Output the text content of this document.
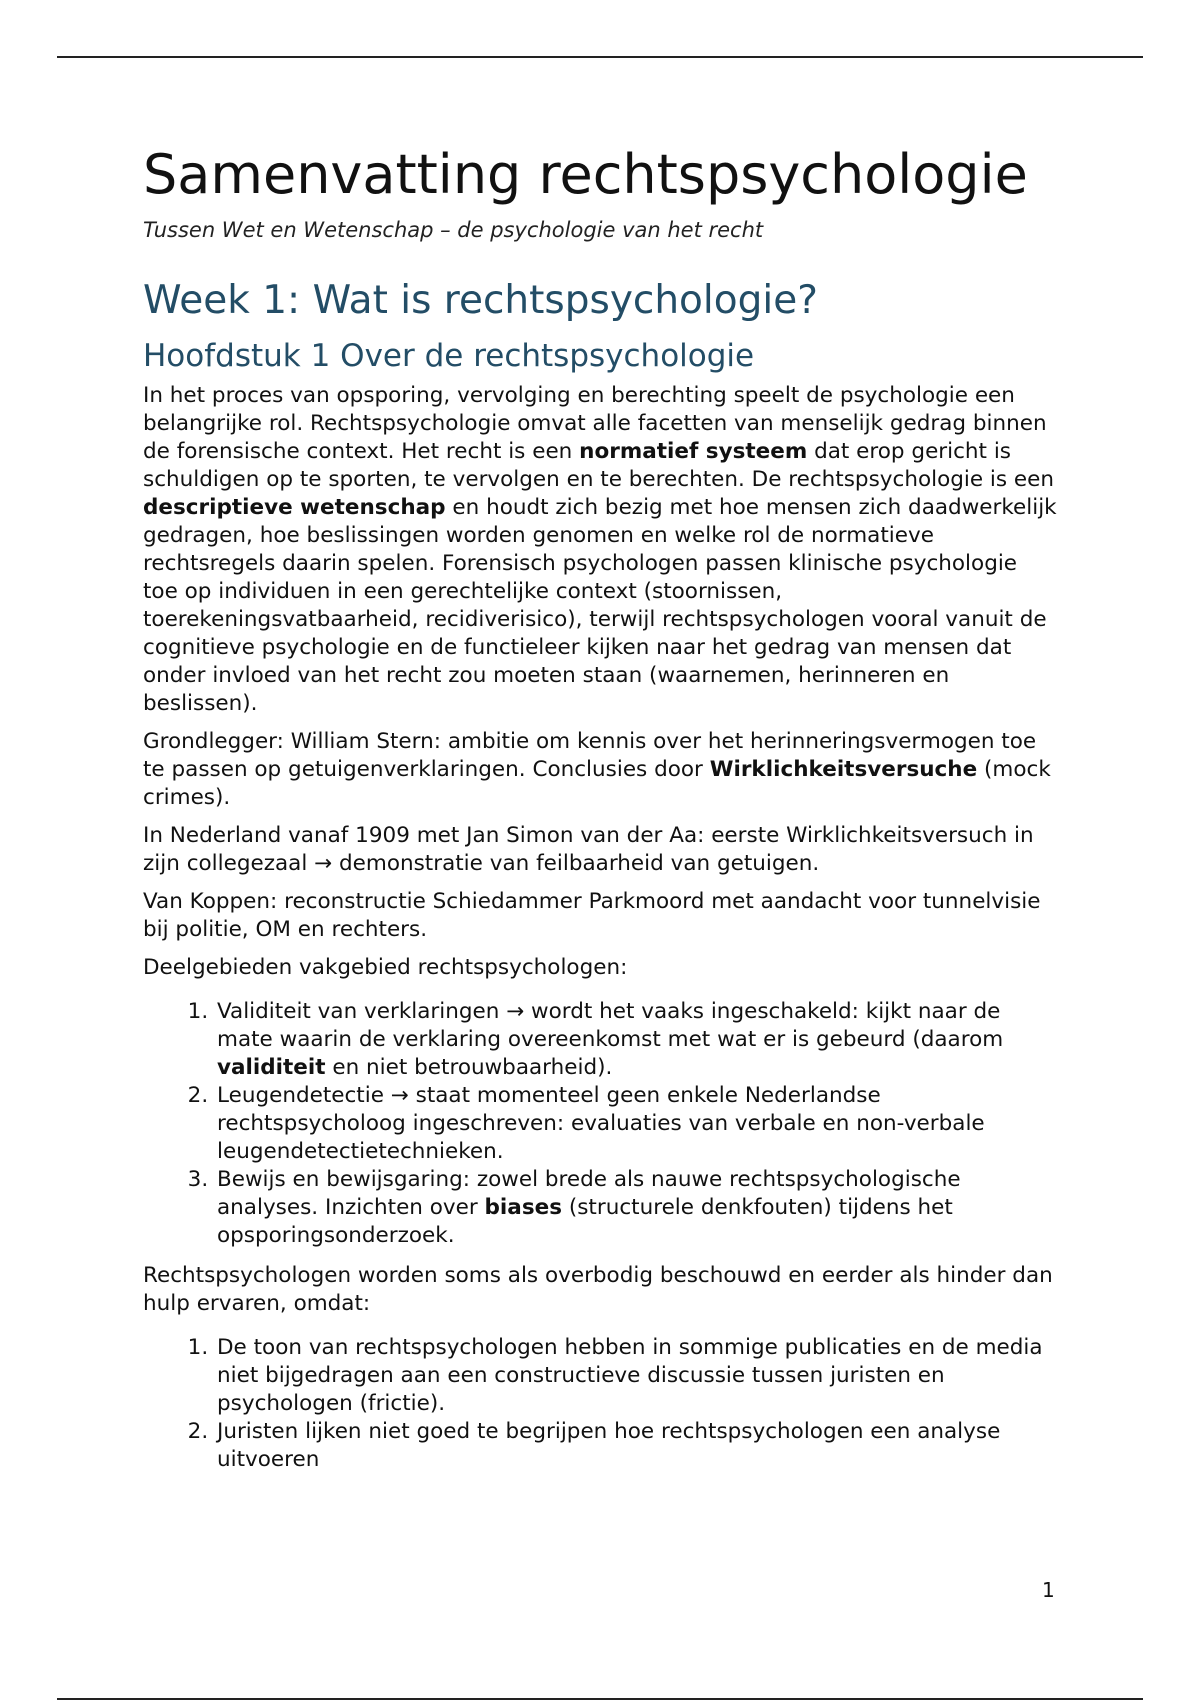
Samenvatting rechtspsychologie
Tussen Wet en Wetenschap – de psychologie van het recht
Week 1: Wat is rechtspsychologie?
Hoofdstuk 1 Over de rechtspsychologie

In het proces van opsporing, vervolging en berechting speelt de psychologie een belangrijke rol. Rechtspsychologie omvat alle facetten van menselijk gedrag binnen de forensische context. Het recht is een normatief systeem dat erop gericht is schuldigen op te sporten, te vervolgen en te berechten. De rechtspsychologie is een descriptieve wetenschap en houdt zich bezig met hoe mensen zich daadwerkelijk gedragen, hoe beslissingen worden genomen en welke rol de normatieve rechtsregels daarin spelen. Forensisch psychologen passen klinische psychologie toe op individuen in een gerechtelijke context (stoornissen, toerekeningsvatbaarheid, recidiverisico), terwijl rechtspsychologen vooral vanuit de cognitieve psychologie en de functieleer kijken naar het gedrag van mensen dat onder invloed van het recht zou moeten staan (waarnemen, herinneren en beslissen).

Grondlegger: William Stern: ambitie om kennis over het herinneringsvermogen toe te passen op getuigenverklaringen. Conclusies door Wirklichkeitsversuche (mock crimes).

In Nederland vanaf 1909 met Jan Simon van der Aa: eerste Wirklichkeitsversuch in zijn collegezaal → demonstratie van feilbaarheid van getuigen.

Van Koppen: reconstructie Schiedammer Parkmoord met aandacht voor tunnelvisie bij politie, OM en rechters.

Deelgebieden vakgebied rechtspsychologen:

1. Validiteit van verklaringen → wordt het vaaks ingeschakeld: kijkt naar de mate waarin de verklaring overeenkomst met wat er is gebeurd (daarom validiteit en niet betrouwbaarheid).
2. Leugendetectie → staat momenteel geen enkele Nederlandse rechtspsycholoog ingeschreven: evaluaties van verbale en non-verbale leugendetectietechnieken.
3. Bewijs en bewijsgaring: zowel brede als nauwe rechtspsychologische analyses. Inzichten over biases (structurele denkfouten) tijdens het opsporingsonderzoek.

Rechtspsychologen worden soms als overbodig beschouwd en eerder als hinder dan hulp ervaren, omdat:

1. De toon van rechtspsychologen hebben in sommige publicaties en de media niet bijgedragen aan een constructieve discussie tussen juristen en psychologen (frictie).
2. Juristen lijken niet goed te begrijpen hoe rechtspsychologen een analyse uitvoeren
1
